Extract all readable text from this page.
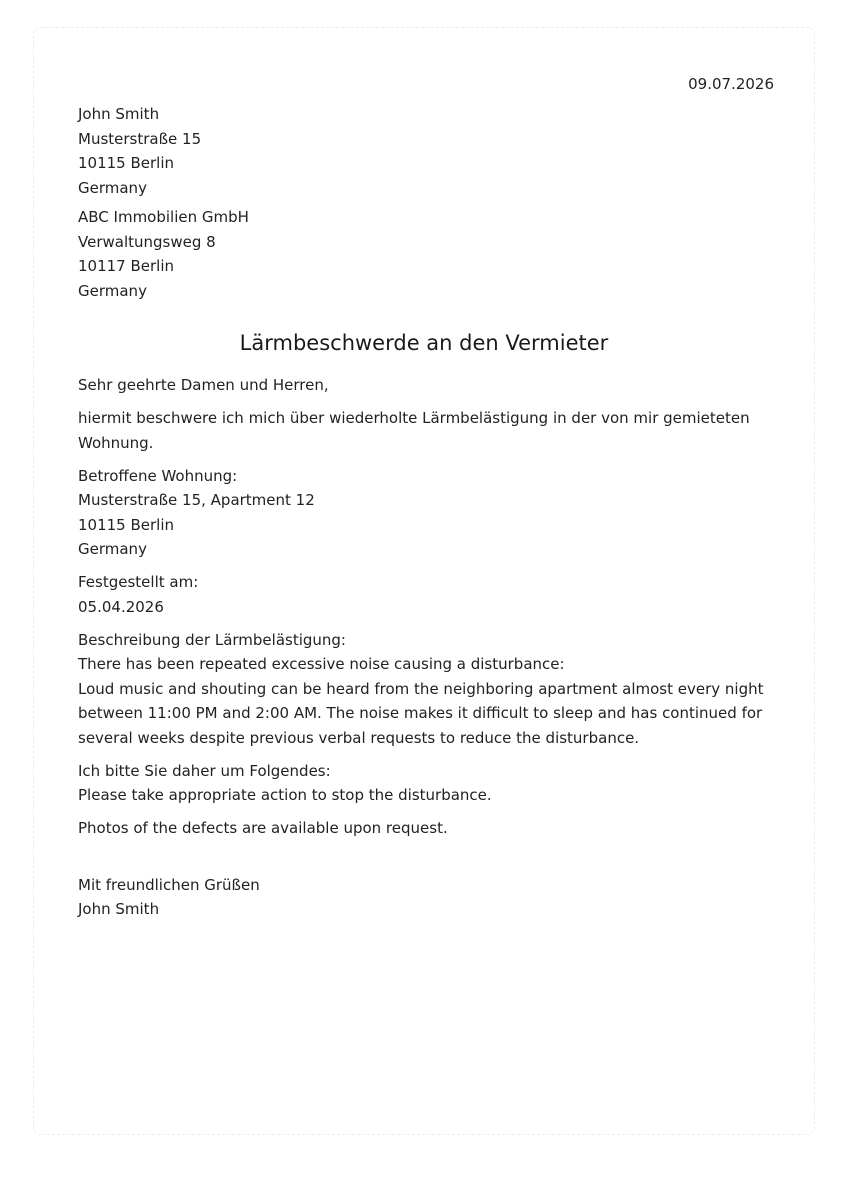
09.07.2026

John Smith
Musterstraße 15
10115 Berlin
Germany
ABC Immobilien GmbH
Verwaltungsweg 8
10117 Berlin
Germany
Lärmbeschwerde an den Vermieter

Sehr geehrte Damen und Herren,

hiermit beschwere ich mich über wiederholte Lärmbelästigung in der von mir gemieteten Wohnung.

Betroffene Wohnung:
Musterstraße 15, Apartment 12
10115 Berlin
Germany

Festgestellt am:
05.04.2026

Beschreibung der Lärmbelästigung:
There has been repeated excessive noise causing a disturbance:
Loud music and shouting can be heard from the neighboring apartment almost every night between 11:00 PM and 2:00 AM. The noise makes it difficult to sleep and has continued for several weeks despite previous verbal requests to reduce the disturbance.

Ich bitte Sie daher um Folgendes:
Please take appropriate action to stop the disturbance.

Photos of the defects are available upon request.

Mit freundlichen Grüßen
John Smith
